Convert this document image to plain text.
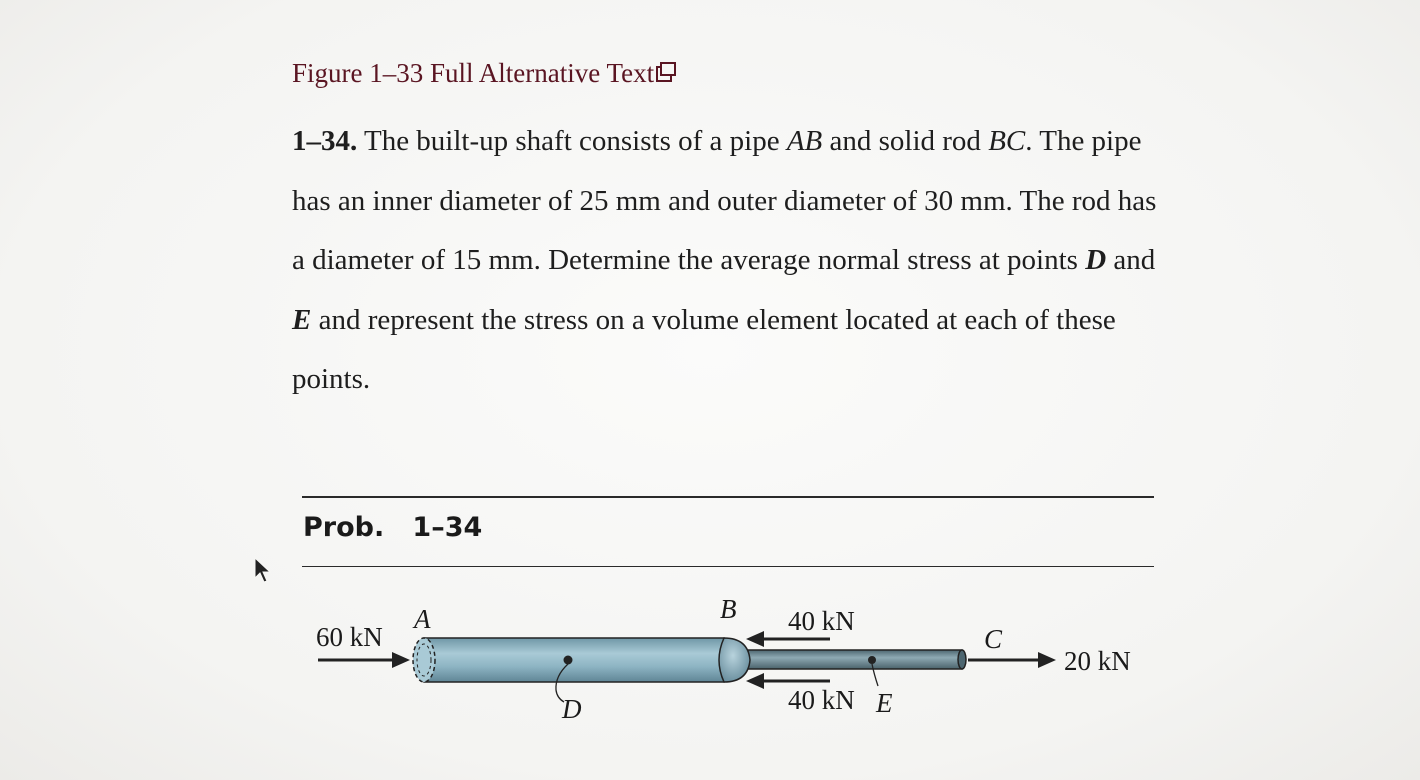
Figure 1–33 Full Alternative Text
1–34. The built-up shaft consists of a pipe AB and solid rod BC. The pipe has an inner diameter of 25 mm and outer diameter of 30 mm. The rod has a diameter of 15 mm. Determine the average normal stress at points D and E and represent the stress on a volume element located at each of these points.
Prob.   1–34
60 kN
A	B 40 kN
40 kN
C
20 kN
D	E
